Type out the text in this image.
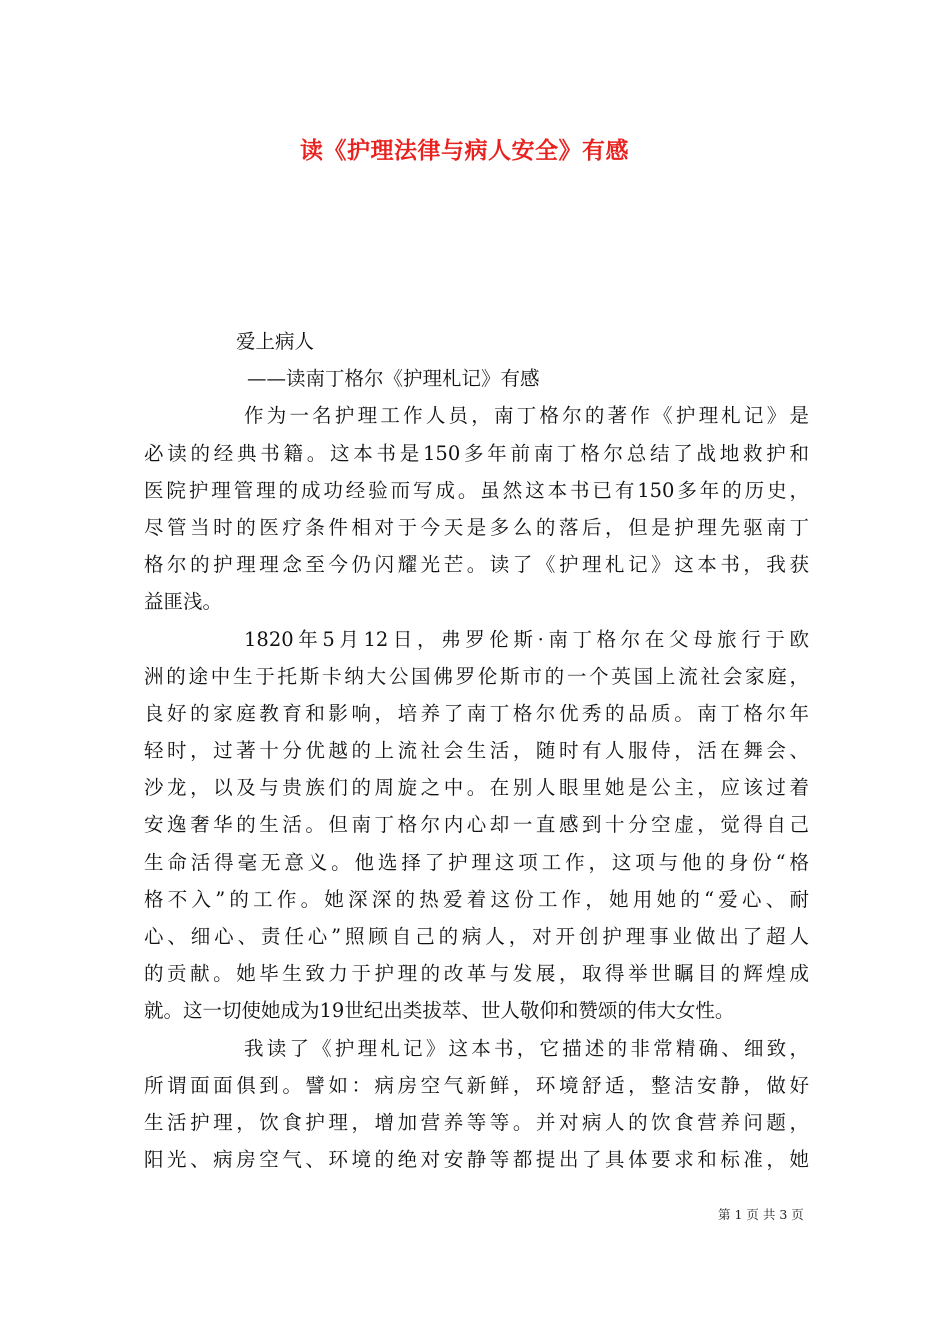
读《护理法律与病人安全》有感
爱上病人
——读南丁格尔《护理札记》有感
作为一名护理工作人员，南丁格尔的著作《护理札记》是
必读的经典书籍。这本书是150多年前南丁格尔总结了战地救护和
医院护理管理的成功经验而写成。虽然这本书已有150多年的历史，
尽管当时的医疗条件相对于今天是多么的落后，但是护理先驱南丁
格尔的护理理念至今仍闪耀光芒。读了《护理札记》这本书，我获
益匪浅。
1820年5月12日，弗罗伦斯·南丁格尔在父母旅行于欧
洲的途中生于托斯卡纳大公国佛罗伦斯市的一个英国上流社会家庭，
良好的家庭教育和影响，培养了南丁格尔优秀的品质。南丁格尔年
轻时，过著十分优越的上流社会生活，随时有人服侍，活在舞会、
沙龙，以及与贵族们的周旋之中。在别人眼里她是公主，应该过着
安逸奢华的生活。但南丁格尔内心却一直感到十分空虚，觉得自己
生命活得毫无意义。他选择了护理这项工作，这项与他的身份“格
格不入”的工作。她深深的热爱着这份工作，她用她的“爱心、耐
心、细心、责任心”照顾自己的病人，对开创护理事业做出了超人
的贡献。她毕生致力于护理的改革与发展，取得举世瞩目的辉煌成
就。这一切使她成为19世纪出类拔萃、世人敬仰和赞颂的伟大女性。
我读了《护理札记》这本书，它描述的非常精确、细致，
所谓面面俱到。譬如：病房空气新鲜，环境舒适，整洁安静，做好
生活护理，饮食护理，增加营养等等。并对病人的饮食营养问题，
阳光、病房空气、环境的绝对安静等都提出了具体要求和标准，她
第 1 页 共 3 页
